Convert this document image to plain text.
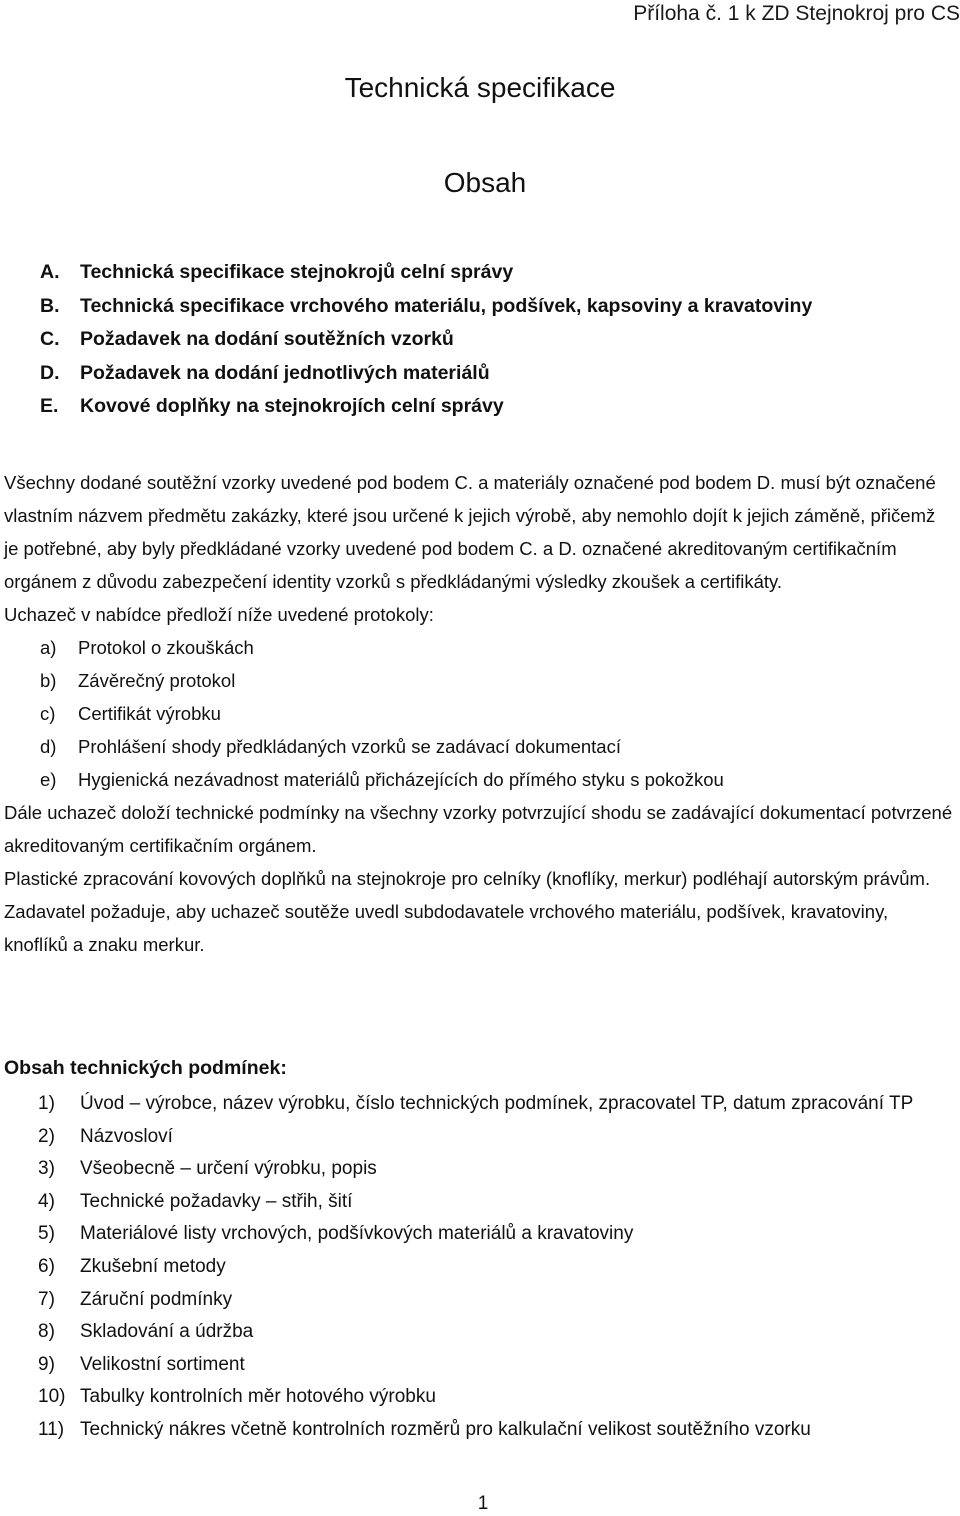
Příloha č. 1 k ZD Stejnokroj pro CS
Technická specifikace
Obsah
A.	Technická specifikace stejnokrojů celní správy
B.	Technická specifikace vrchového materiálu, podšívek, kapsoviny a kravatoviny
C.	Požadavek na dodání soutěžních vzorků
D.	Požadavek na dodání jednotlivých materiálů
E.	Kovové doplňky na stejnokrojích celní správy

Všechny dodané soutěžní vzorky uvedené pod bodem C. a materiály označené pod bodem D. musí být označené vlastním názvem předmětu zakázky, které jsou určené k jejich výrobě, aby nemohlo dojít k jejich záměně, přičemž je potřebné, aby byly předkládané vzorky uvedené pod bodem C. a D. označené akreditovaným certifikačním orgánem z důvodu zabezpečení identity vzorků s předkládanými výsledky zkoušek a certifikáty.

Uchazeč v nabídce předloží níže uvedené protokoly:

a)	Protokol o zkouškách
b)	Závěrečný protokol
c)	Certifikát výrobku
d)	Prohlášení shody předkládaných vzorků se zadávací dokumentací
e)	Hygienická nezávadnost materiálů přicházejících do přímého styku s pokožkou

Dále uchazeč doloží technické podmínky na všechny vzorky potvrzující shodu se zadávající dokumentací potvrzené akreditovaným certifikačním orgánem.

Plastické zpracování kovových doplňků na stejnokroje pro celníky (knoflíky, merkur) podléhají autorským právům.

Zadavatel požaduje, aby uchazeč soutěže uvedl subdodavatele vrchového materiálu, podšívek, kravatoviny, knoflíků a znaku merkur.

Obsah technických podmínek:
1)	Úvod – výrobce, název výrobku, číslo technických podmínek, zpracovatel TP, datum zpracování TP
2)	Názvosloví
3)	Všeobecně – určení výrobku, popis
4)	Technické požadavky – střih, šití
5)	Materiálové listy vrchových, podšívkových materiálů a kravatoviny
6)	Zkušební metody
7)	Záruční podmínky
8)	Skladování a údržba
9)	Velikostní sortiment
10) Tabulky kontrolních měr hotového výrobku
11) Technický nákres včetně kontrolních rozměrů pro kalkulační velikost soutěžního vzorku
1
